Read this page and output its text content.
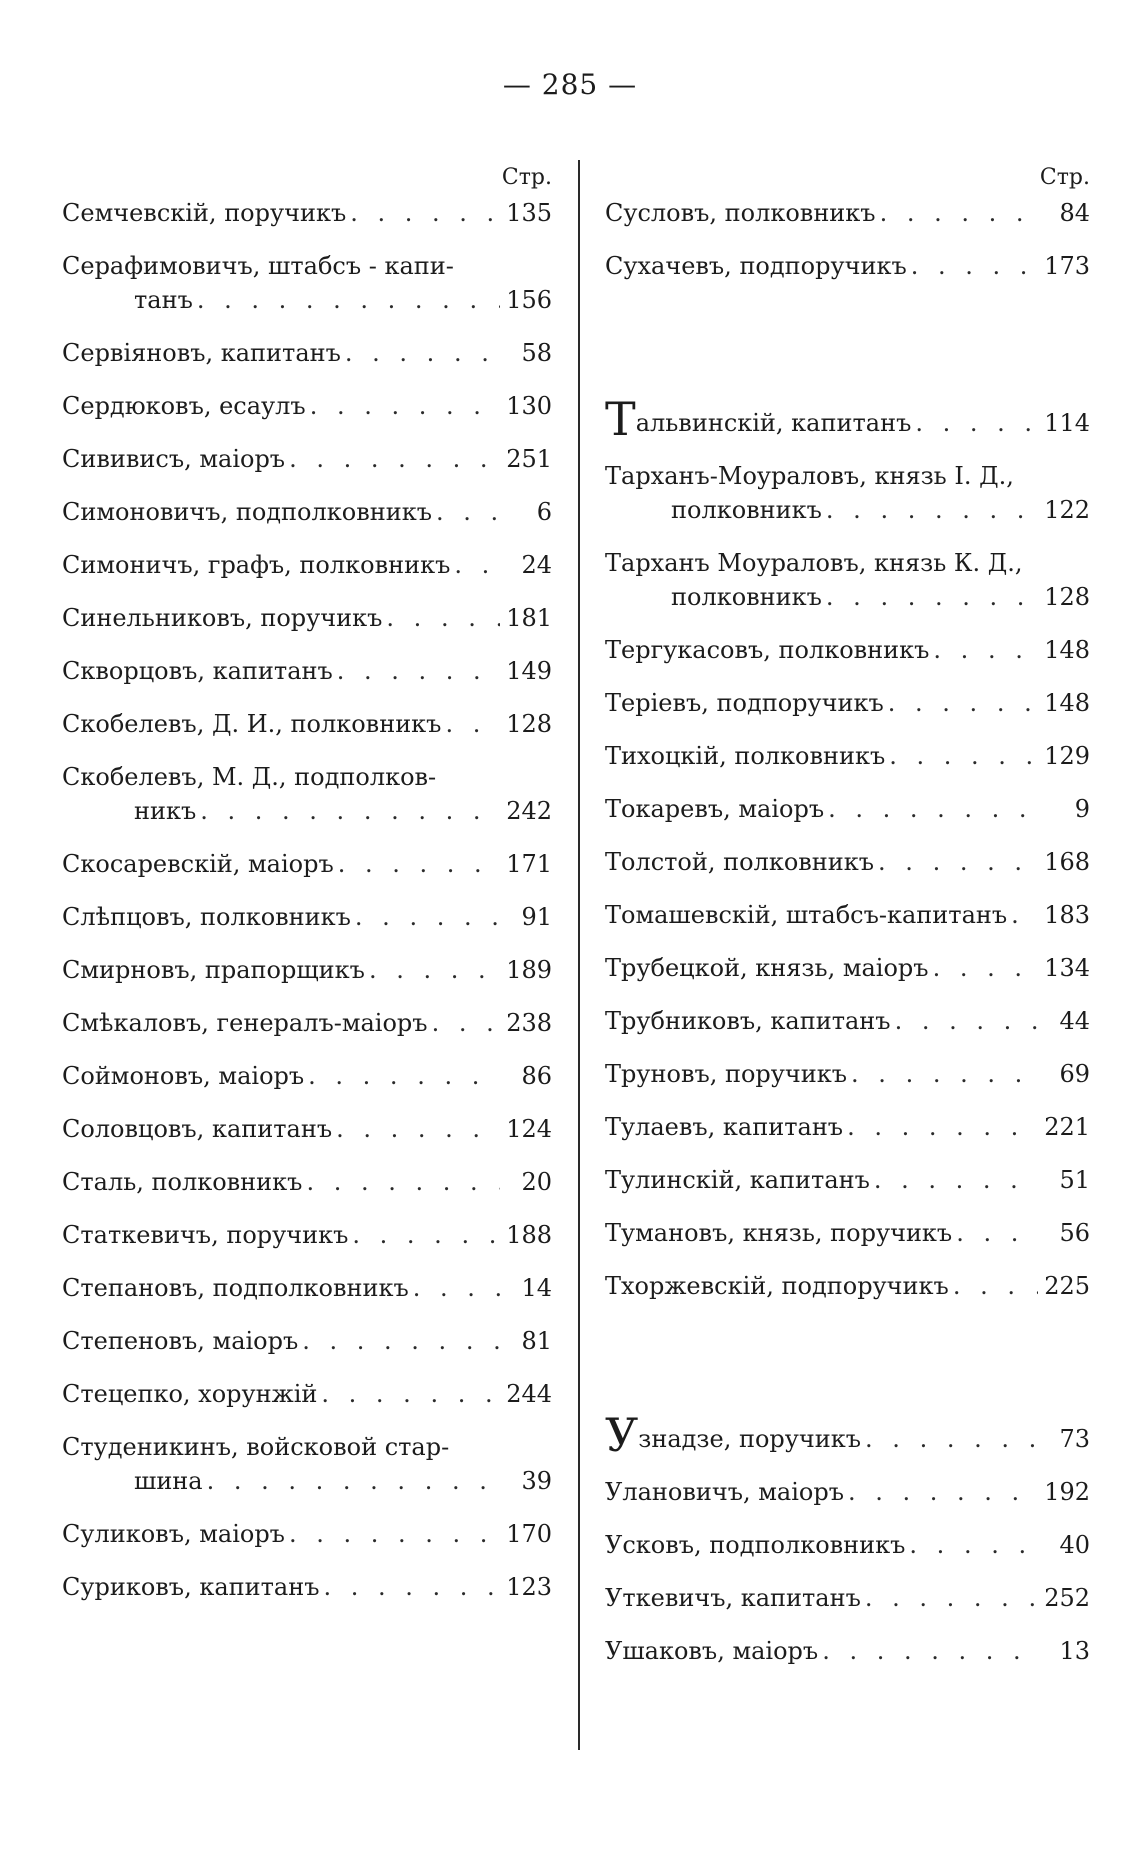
— 285 —
Стр.
Семчевскій, поручикъ . . .	135
Серафимовичъ, штабсъ - капи-
танъ . . .	156
Сервіяновъ, капитанъ . . .	58
Сердюковъ, есаулъ . . .	130
Сививисъ, маіоръ . . .	251
Симоновичъ, подполковникъ . . .	6
Симоничъ, графъ, полковникъ . . .	24
Синельниковъ, поручикъ . . .	181
Скворцовъ, капитанъ . . .	149
Скобелевъ, Д. И., полковникъ . . .	128
Скобелевъ, М. Д., подполков-
никъ . . .	242
Скосаревскій, маіоръ . . .	171
Слѣпцовъ, полковникъ . . .	91
Смирновъ, прапорщикъ . . .	189
Смѣкаловъ, генералъ-маіоръ . . .	238
Соймоновъ, маіоръ . . .	86
Соловцовъ, капитанъ . . .	124
Сталь, полковникъ . . .	20
Статкевичъ, поручикъ . . .	188
Степановъ, подполковникъ . . .	14
Степеновъ, маіоръ . . .	81
Стецепко, хорунжій . . .	244
Студеникинъ, войсковой стар-
шина . . .	39
Суликовъ, маіоръ . . .	170
Суриковъ, капитанъ . . .	123
Стр.
Сусловъ, полковникъ . . .	84
Сухачевъ, подпоручикъ . . .	173
Тальвинскій, капитанъ . . .	114
Тарханъ-Моураловъ, князь І. Д.,
полковникъ . . .	122
Тарханъ Моураловъ, князь К. Д.,
полковникъ . . .	128
Тергукасовъ, полковникъ . . .	148
Теріевъ, подпоручикъ . . .	148
Тихоцкій, полковникъ . . .	129
Токаревъ, маіоръ . . .	9
Толстой, полковникъ . . .	168
Томашевскій, штабсъ-капитанъ . . . 183
Трубецкой, князь, маіоръ . . .	134
Трубниковъ, капитанъ . . .	44
Труновъ, поручикъ . . .	69
Тулаевъ, капитанъ . . .	221
Тулинскій, капитанъ . . .	51
Тумановъ, князь, поручикъ . . .	56
Тхоржевскій, подпоручикъ . . .	225
Узнадзе, поручикъ . . .	73
Улановичъ, маіоръ . . .	192
Усковъ, подполковникъ . . .	40
Уткевичъ, капитанъ . . .	252
Ушаковъ, маіоръ . . .	13
